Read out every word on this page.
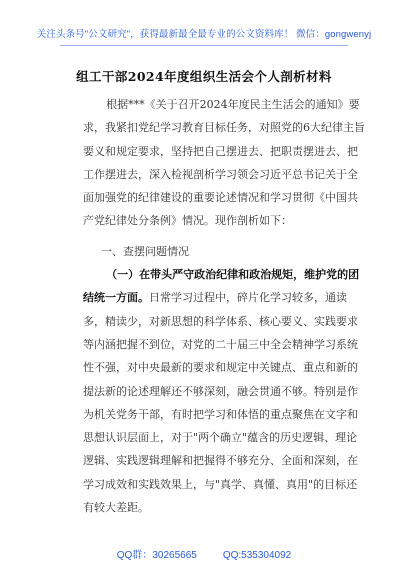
关注头条号"公文研究"，获得最新最全最专业的公文资料库！ 微信：gongwenyj
组工干部2024年度组织生活会个人剖析材料

根据***《关于召开2024年度民主生活会的通知》要求，我紧扣党纪学习教育目标任务，对照党的6大纪律主旨要义和规定要求，坚持把自己摆进去、把职责摆进去、把工作摆进去，深入检视剖析学习领会习近平总书记关于全面加强党的纪律建设的重要论述情况和学习贯彻《中国共产党纪律处分条例》情况。现作剖析如下：

一、查摆问题情况

（一）在带头严守政治纪律和政治规矩，维护党的团结统一方面。日常学习过程中，碎片化学习较多，通读多，精读少，对新思想的科学体系、核心要义、实践要求等内涵把握不到位，对党的二十届三中全会精神学习系统性不强，对中央最新的要求和规定中关键点、重点和新的提法新的论述理解还不够深刻，融会贯通不够。特别是作为机关党务干部，有时把学习和体悟的重点聚焦在文字和思想认识层面上，对于"两个确立"蕴含的历史逻辑、理论逻辑、实践逻辑理解和把握得不够充分、全面和深刻，在学习成效和实践效果上，与"真学、真懂、真用"的目标还有较大差距。

QQ群：30265665	QQ:535304092
